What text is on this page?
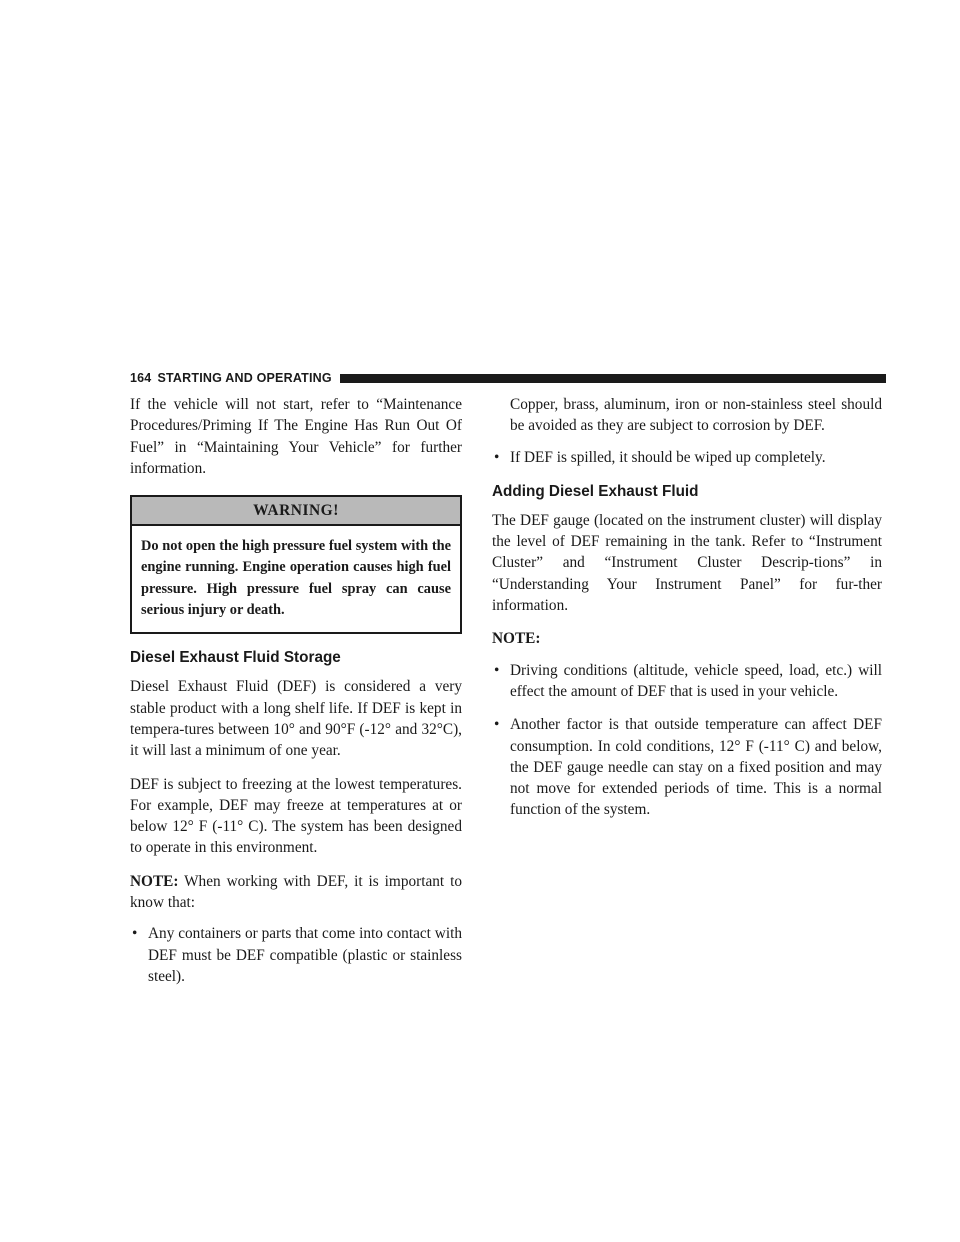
164 STARTING AND OPERATING

If the vehicle will not start, refer to “Maintenance Procedures/Priming If The Engine Has Run Out Of Fuel” in “Maintaining Your Vehicle” for further information.

WARNING!
Do not open the high pressure fuel system with the engine running. Engine operation causes high fuel pressure. High pressure fuel spray can cause serious injury or death.
Diesel Exhaust Fluid Storage

Diesel Exhaust Fluid (DEF) is considered a very stable product with a long shelf life. If DEF is kept in tempera-tures between 10° and 90°F (-12° and 32°C), it will last a minimum of one year.

DEF is subject to freezing at the lowest temperatures. For example, DEF may freeze at temperatures at or below 12° F (-11° C). The system has been designed to operate in this environment.

NOTE: When working with DEF, it is important to know that:

• Any containers or parts that come into contact with DEF must be DEF compatible (plastic or stainless steel).
Copper, brass, aluminum, iron or non-stainless steel should be avoided as they are subject to corrosion by DEF.
• If DEF is spilled, it should be wiped up completely.
Adding Diesel Exhaust Fluid

The DEF gauge (located on the instrument cluster) will display the level of DEF remaining in the tank. Refer to “Instrument Cluster” and “Instrument Cluster Descrip-tions” in “Understanding Your Instrument Panel” for fur-ther information.

NOTE:

• Driving conditions (altitude, vehicle speed, load, etc.) will effect the amount of DEF that is used in your vehicle.
• Another factor is that outside temperature can affect DEF consumption. In cold conditions, 12° F (-11° C) and below, the DEF gauge needle can stay on a fixed position and may not move for extended periods of time. This is a normal function of the system.
